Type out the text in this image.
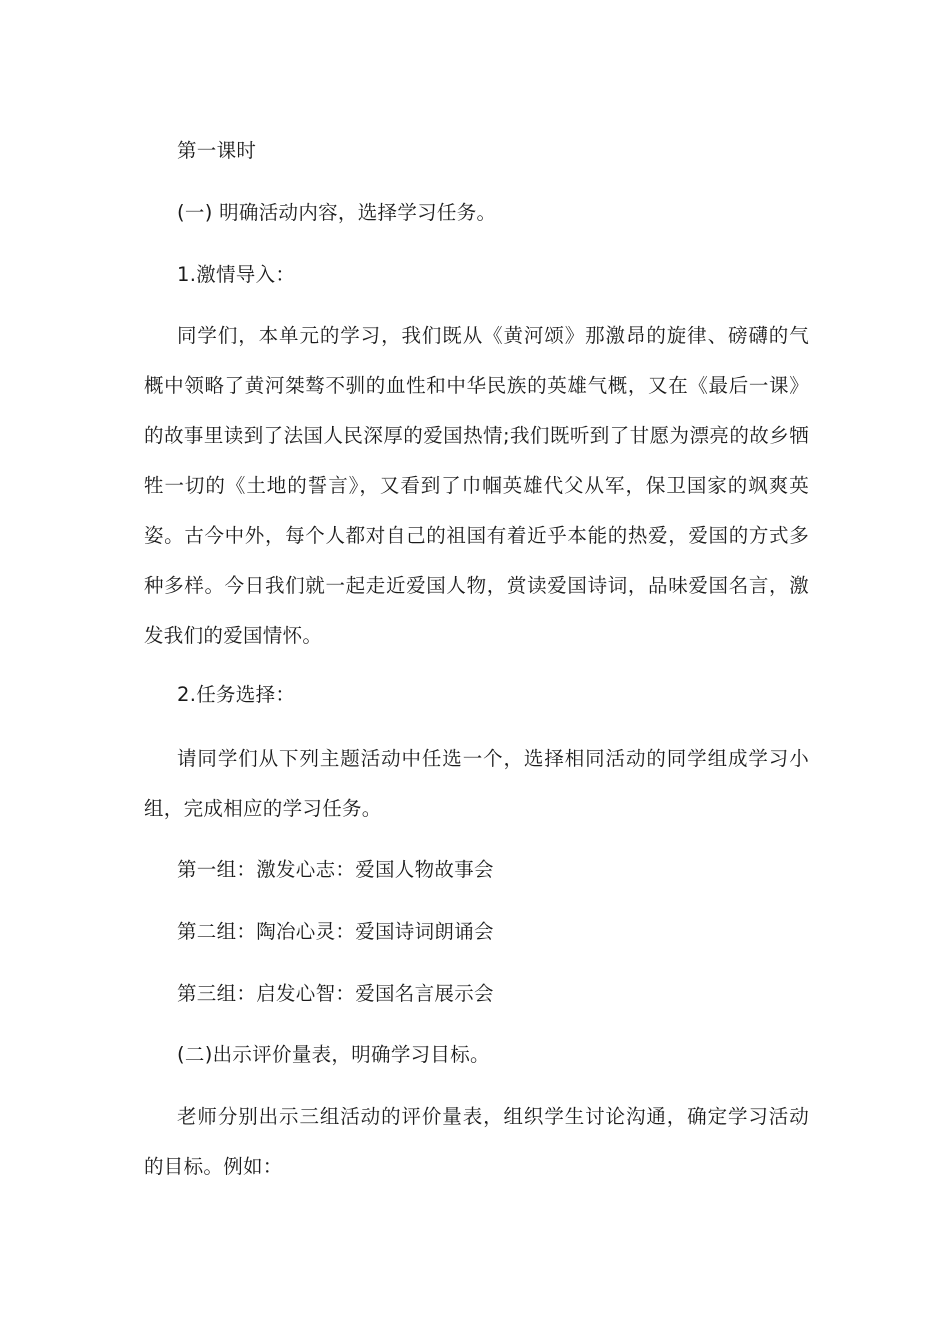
第一课时

(一) 明确活动内容，选择学习任务。

1.激情导入：

同学们，本单元的学习，我们既从《黄河颂》那激昂的旋律、磅礴的气概中领略了黄河桀骜不驯的血性和中华民族的英雄气概，又在《最后一课》的故事里读到了法国人民深厚的爱国热情;我们既听到了甘愿为漂亮的故乡牺牲一切的《土地的誓言》，又看到了巾帼英雄代父从军，保卫国家的飒爽英姿。古今中外，每个人都对自己的祖国有着近乎本能的热爱，爱国的方式多种多样。今日我们就一起走近爱国人物，赏读爱国诗词，品味爱国名言，激发我们的爱国情怀。

2.任务选择：

请同学们从下列主题活动中任选一个，选择相同活动的同学组成学习小组，完成相应的学习任务。

第一组：激发心志：爱国人物故事会

第二组：陶冶心灵：爱国诗词朗诵会

第三组：启发心智：爱国名言展示会

(二)出示评价量表，明确学习目标。

老师分别出示三组活动的评价量表，组织学生讨论沟通，确定学习活动的目标。例如：
